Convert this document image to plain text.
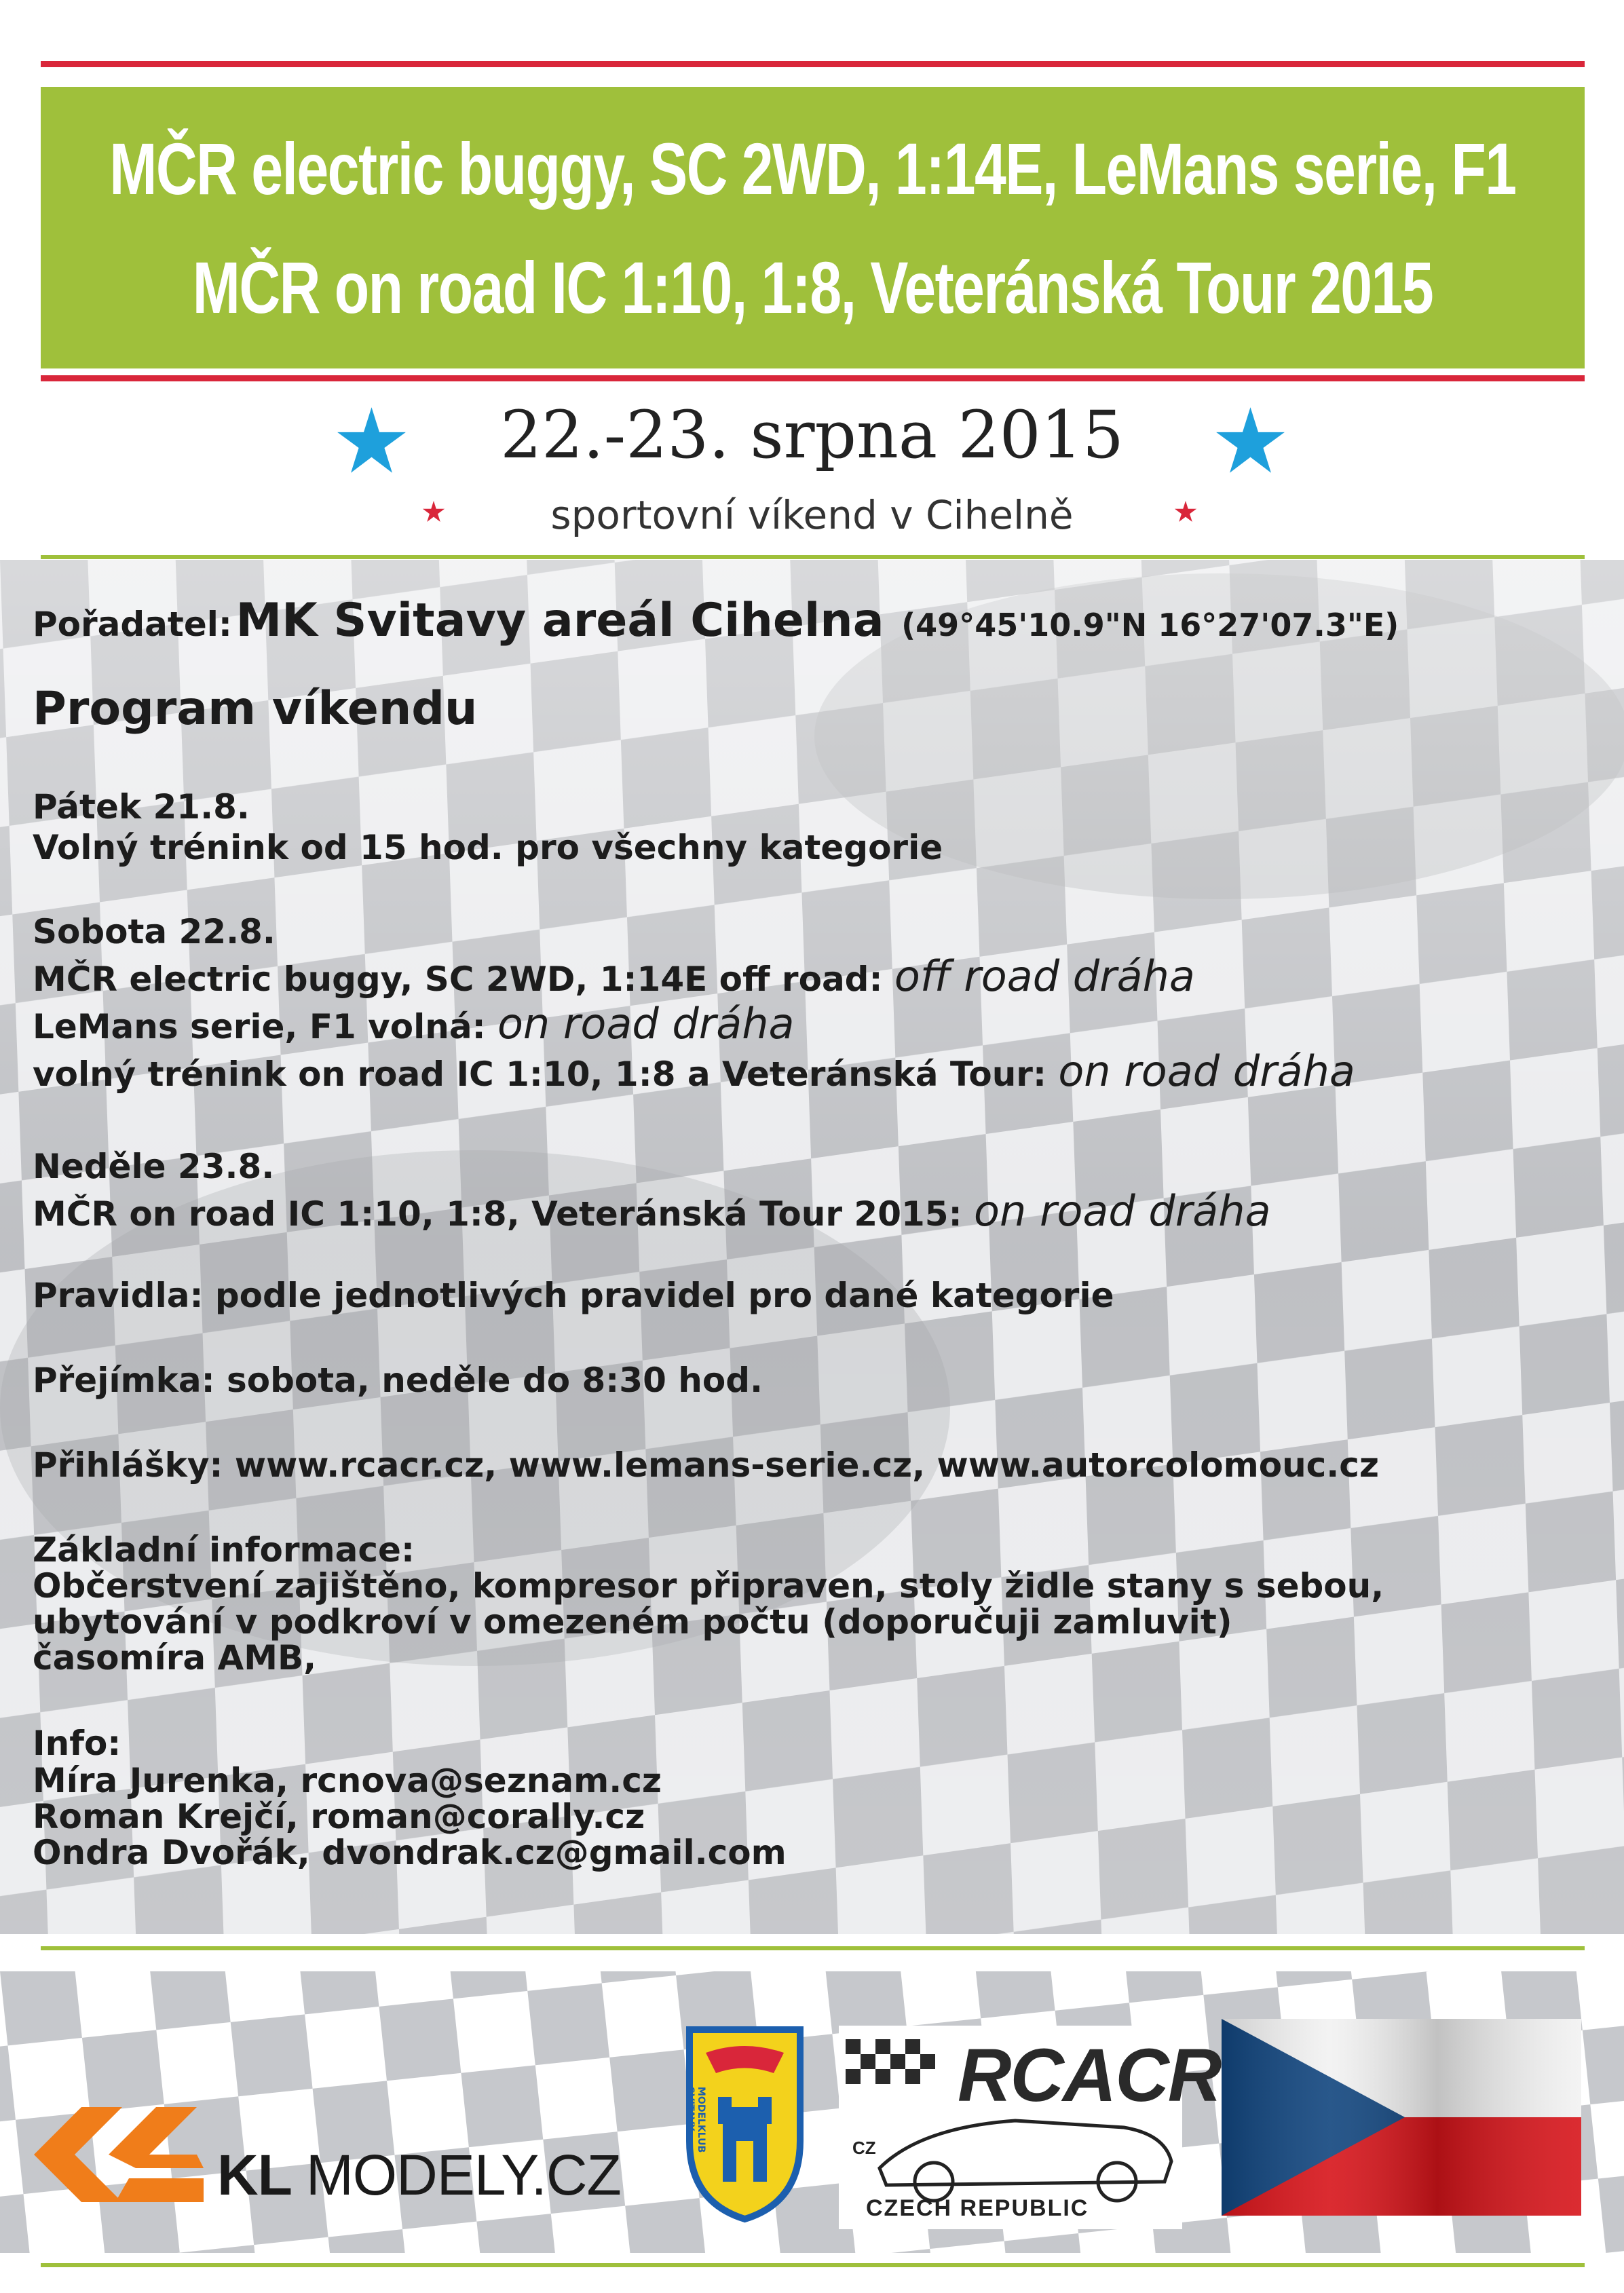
MČR electric buggy, SC 2WD, 1:14E, LeMans serie, F1
MČR on road IC 1:10, 1:8, Veteránská Tour 2015
22.-23. srpna 2015
sportovní víkend v Cihelně
Pořadatel: MK Svitavy areál Cihelna (49°45'10.9"N 16°27'07.3"E)
Program víkendu
Pátek 21.8.
Volný trénink od 15 hod. pro všechny kategorie
Sobota 22.8.
MČR electric buggy, SC 2WD, 1:14E off road: off road dráha
LeMans serie, F1 volná: on road dráha
volný trénink on road IC 1:10, 1:8 a Veteránská Tour: on road dráha
Neděle 23.8.
MČR on road IC 1:10, 1:8, Veteránská Tour 2015: on road dráha
Pravidla: podle jednotlivých pravidel pro dané kategorie
Přejímka: sobota, neděle do 8:30 hod.
Přihlášky: www.rcacr.cz, www.lemans-serie.cz, www.autorcolomouc.cz
Základní informace:
Občerstvení zajištěno, kompresor připraven, stoly židle stany s sebou,
ubytování v podkroví v omezeném počtu (doporučuji zamluvit)
časomíra AMB,
Info:
Míra Jurenka, rcnova@seznam.cz
Roman Krejčí, roman@corally.cz
Ondra Dvořák, dvondrak.cz@gmail.com
KL MODELY.CZ
MODELKLUB SVITAVY	RCACR
CZ
CZECH REPUBLIC
